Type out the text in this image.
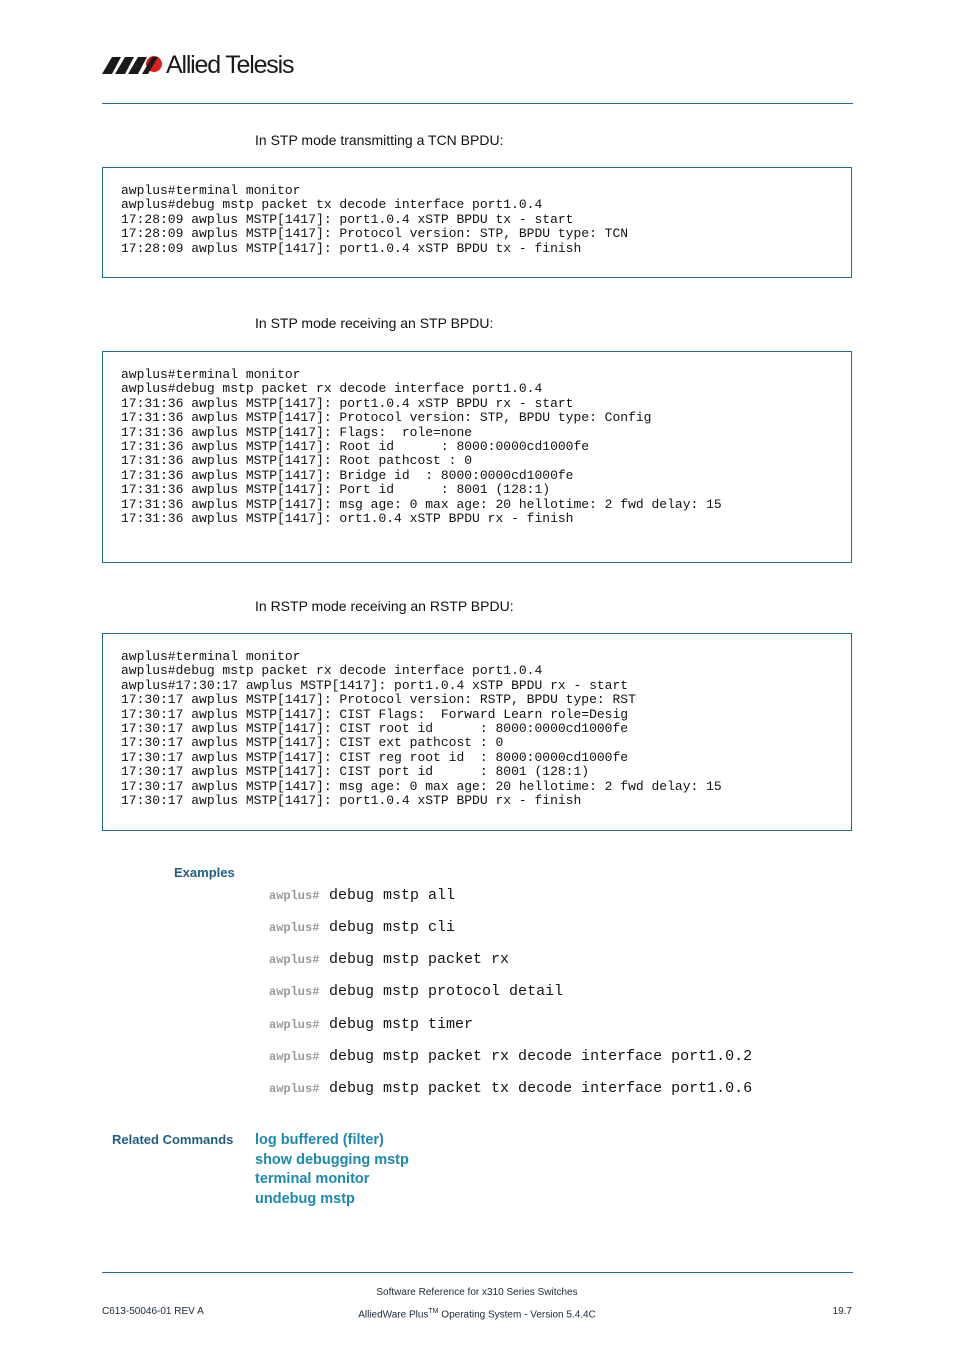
Allied Telesis
In STP mode transmitting a TCN BPDU:
awplus#terminal monitor
awplus#debug mstp packet tx decode interface port1.0.4
17:28:09 awplus MSTP[1417]: port1.0.4 xSTP BPDU tx - start
17:28:09 awplus MSTP[1417]: Protocol version: STP, BPDU type: TCN
17:28:09 awplus MSTP[1417]: port1.0.4 xSTP BPDU tx - finish
In STP mode receiving an STP BPDU:
awplus#terminal monitor
awplus#debug mstp packet rx decode interface port1.0.4
17:31:36 awplus MSTP[1417]: port1.0.4 xSTP BPDU rx - start
17:31:36 awplus MSTP[1417]: Protocol version: STP, BPDU type: Config
17:31:36 awplus MSTP[1417]: Flags:  role=none
17:31:36 awplus MSTP[1417]: Root id      : 8000:0000cd1000fe
17:31:36 awplus MSTP[1417]: Root pathcost : 0
17:31:36 awplus MSTP[1417]: Bridge id  : 8000:0000cd1000fe
17:31:36 awplus MSTP[1417]: Port id      : 8001 (128:1)
17:31:36 awplus MSTP[1417]: msg age: 0 max age: 20 hellotime: 2 fwd delay: 15
17:31:36 awplus MSTP[1417]: ort1.0.4 xSTP BPDU rx - finish
In RSTP mode receiving an RSTP BPDU:
awplus#terminal monitor
awplus#debug mstp packet rx decode interface port1.0.4
awplus#17:30:17 awplus MSTP[1417]: port1.0.4 xSTP BPDU rx - start
17:30:17 awplus MSTP[1417]: Protocol version: RSTP, BPDU type: RST
17:30:17 awplus MSTP[1417]: CIST Flags:  Forward Learn role=Desig
17:30:17 awplus MSTP[1417]: CIST root id      : 8000:0000cd1000fe
17:30:17 awplus MSTP[1417]: CIST ext pathcost : 0
17:30:17 awplus MSTP[1417]: CIST reg root id  : 8000:0000cd1000fe
17:30:17 awplus MSTP[1417]: CIST port id      : 8001 (128:1)
17:30:17 awplus MSTP[1417]: msg age: 0 max age: 20 hellotime: 2 fwd delay: 15
17:30:17 awplus MSTP[1417]: port1.0.4 xSTP BPDU rx - finish
Examples
awplus# debug mstp all
awplus# debug mstp cli
awplus# debug mstp packet rx
awplus# debug mstp protocol detail
awplus# debug mstp timer
awplus# debug mstp packet rx decode interface port1.0.2
awplus# debug mstp packet tx decode interface port1.0.6
Related Commands log buffered (filter)
show debugging mstp
terminal monitor
undebug mstp
Software Reference for x310 Series Switches
C613-50046-01 REV A	AlliedWare Plus™ Operating System - Version 5.4.4C	19.7
